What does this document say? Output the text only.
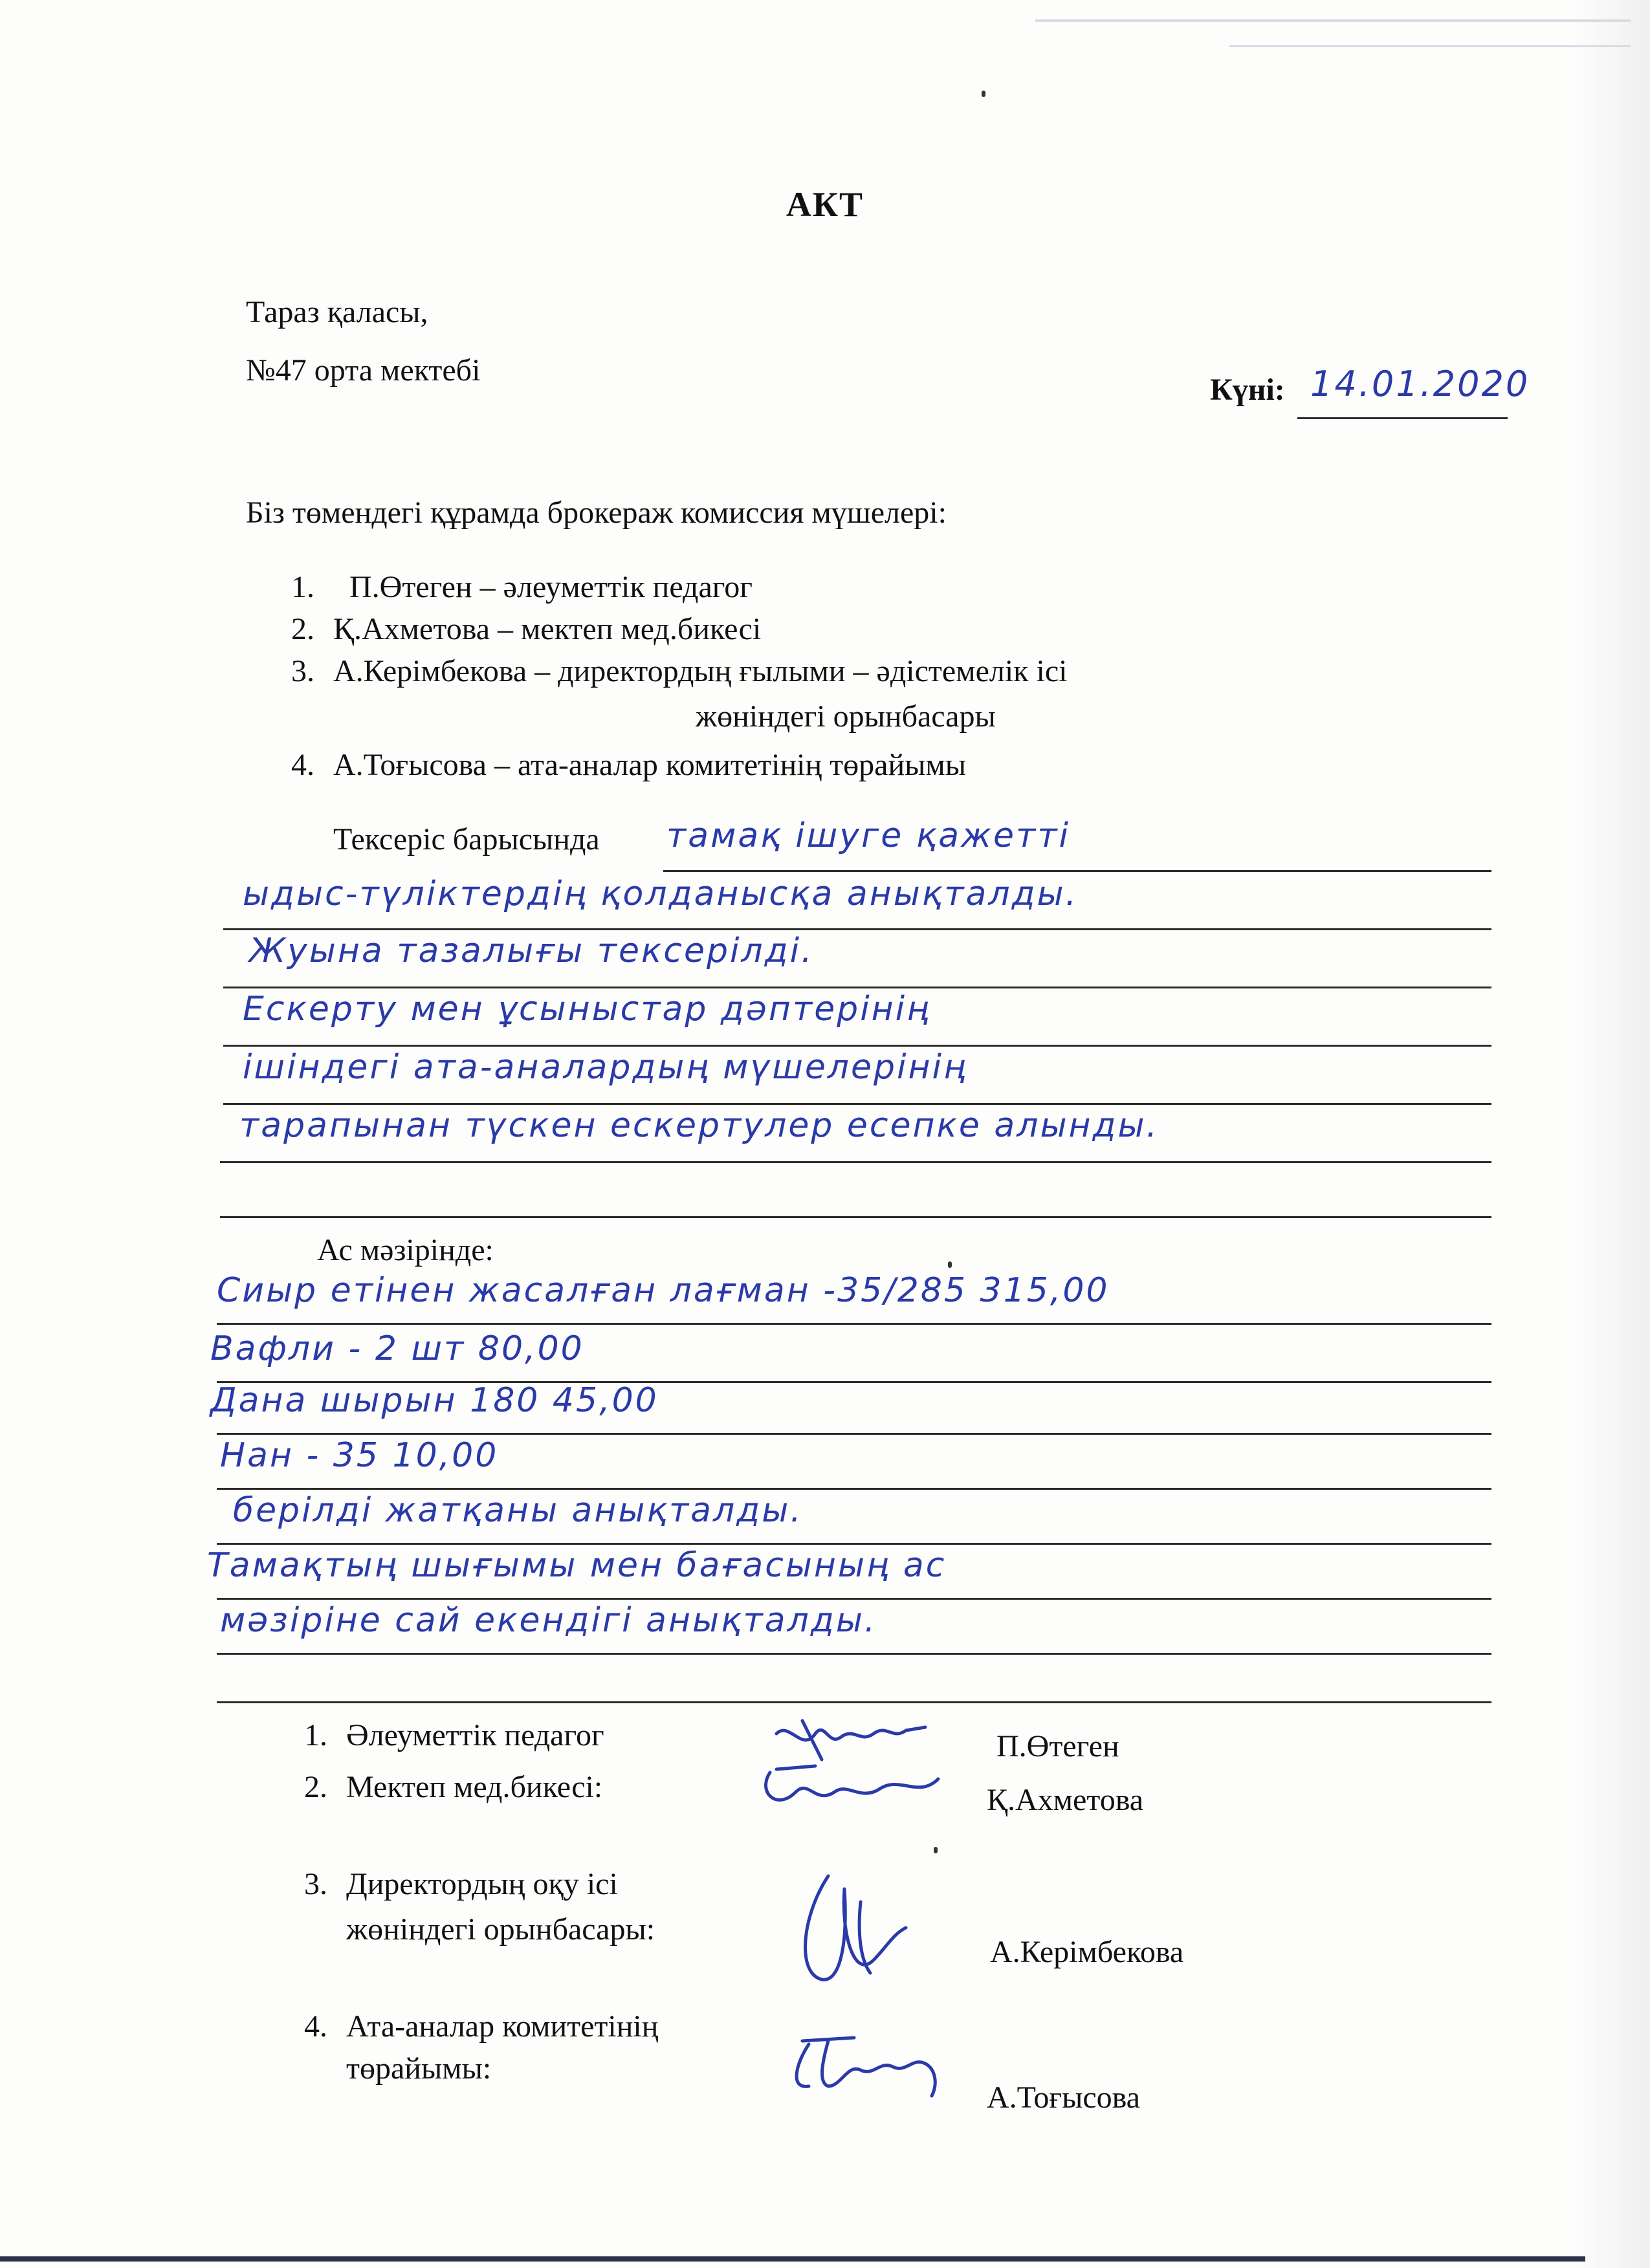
АКТ
Тараз қаласы,
№47 орта мектебі
Күні: 14.01.2020
Біз төмендегі құрамда брокераж комиссия мүшелері:
1. П.Өтеген – әлеуметтік педагог
2. Қ.Ахметова – мектеп мед.бикесі
3. А.Керімбекова – директордың ғылыми – әдістемелік ісі
жөніндегі орынбасары
4. А.Тоғысова – ата-аналар комитетінің төрайымы
Тексеріс барысында тамақ ішуге қажетті
ыдыс-түліктердің қолданысқа анықталды.
Жуына тазалығы тексерілді.
Ескерту мен ұсыныстар дәптерінің
ішіндегі ата-аналардың мүшелерінің
тарапынан түскен ескертулер есепке алынды.
Ас мәзірінде:
Сиыр етінен жасалған лағман -35/285 315,00
Вафли - 2 шт 80,00
Дана шырын 180 45,00
Нан - 35 10,00
берілді жатқаны анықталды.
Тамақтың шығымы мен бағасының ас
мәзіріне сай екендігі анықталды.
1. Әлеуметтік педагог	П.Өтеген
2. Мектеп мед.бикесі:	Қ.Ахметова
3. Директордың оқу ісі
жөніндегі орынбасары:
А.Керімбекова
4. Ата-аналар комитетінің
төрайымы:
А.Тоғысова
